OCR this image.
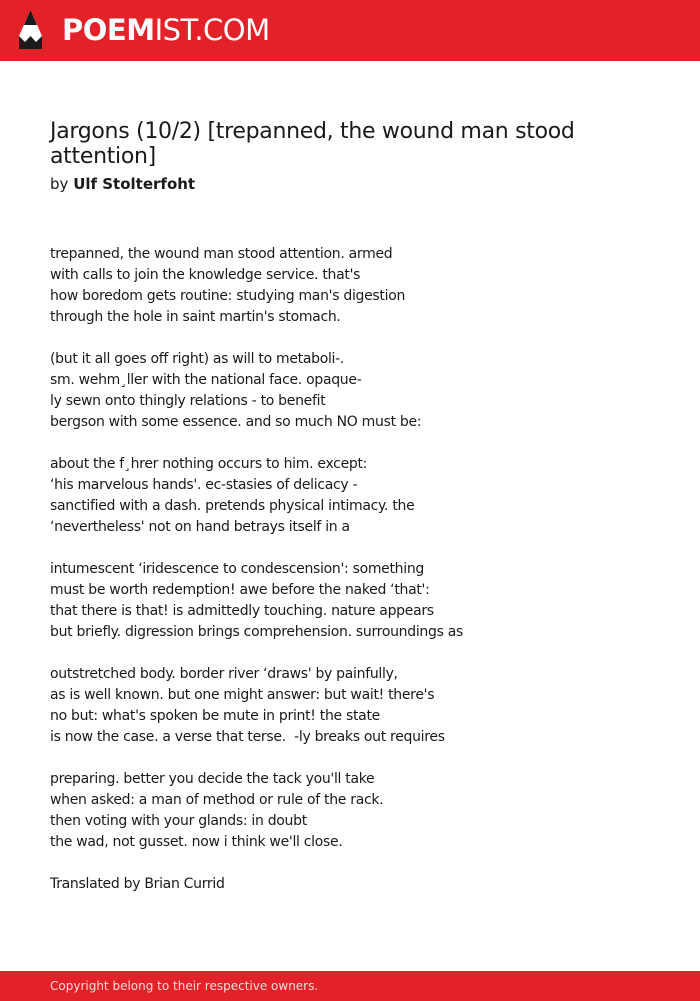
POEMIST.COM
Jargons (10/2) [trepanned, the wound man stood attention]
by Ulf Stolterfoht
trepanned, the wound man stood attention. armed
with calls to join the knowledge service. that's
how boredom gets routine: studying man's digestion
through the hole in saint martin's stomach.
(but it all goes off right) as will to metaboli-.
sm. wehm¸ller with the national face. opaque-
ly sewn onto thingly relations - to benefit
bergson with some essence. and so much NO must be:
about the f¸hrer nothing occurs to him. except:
‘his marvelous hands'. ec-stasies of delicacy -
sanctified with a dash. pretends physical intimacy. the
‘nevertheless' not on hand betrays itself in a
intumescent ‘iridescence to condescension': something
must be worth redemption! awe before the naked ‘that':
that there is that! is admittedly touching. nature appears
but briefly. digression brings comprehension. surroundings as
outstretched body. border river ‘draws' by painfully,
as is well known. but one might answer: but wait! there's
no but: what's spoken be mute in print! the state
is now the case. a verse that terse.  -ly breaks out requires
preparing. better you decide the tack you'll take
when asked: a man of method or rule of the rack.
then voting with your glands: in doubt
the wad, not gusset. now i think we'll close.
Translated by Brian Currid
Copyright belong to their respective owners.
